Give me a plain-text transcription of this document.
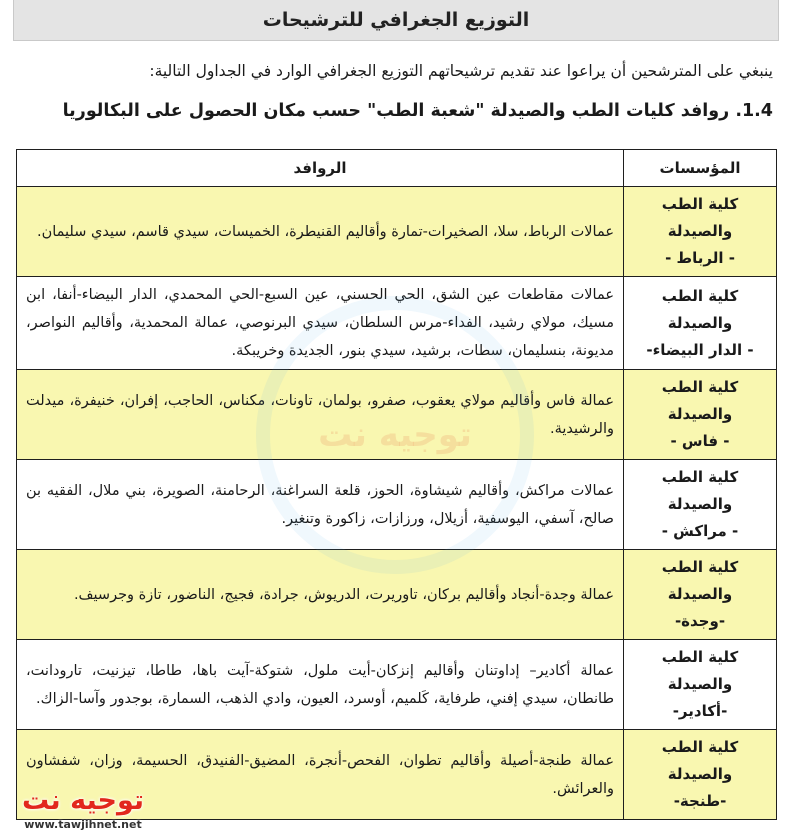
التوزيع الجغرافي للترشيحات
ينبغي على المترشحين أن يراعوا عند تقديم ترشيحاتهم التوزيع الجغرافي الوارد في الجداول التالية:
1.4. روافد كليات الطب والصيدلة "شعبة الطب" حسب مكان الحصول على البكالوريا
المؤسسات	الروافد

كلية الطب والصيدلة
- الرباط -	عمالات الرباط، سلا، الصخيرات-تمارة وأقاليم القنيطرة، الخميسات، سيدي قاسم، سيدي سليمان.

كلية الطب والصيدلة
- الدار البيضاء-	عمالات مقاطعات عين الشق، الحي الحسني، عين السبع-الحي المحمدي، الدار البيضاء-أنفا، ابن مسيك، مولاي رشيد، الفداء-مرس السلطان، سيدي البرنوصي، عمالة المحمدية، وأقاليم النواصر، مديونة، بنسليمان، سطات، برشيد، سيدي بنور، الجديدة وخريبكة.

كلية الطب والصيدلة
- فاس -	عمالة فاس وأقاليم مولاي يعقوب، صفرو، بولمان، تاونات، مكناس، الحاجب، إفران، خنيفرة، ميدلت والرشيدية.

كلية الطب والصيدلة
- مراكش -	عمالات مراكش، وأقاليم شيشاوة، الحوز، قلعة السراغنة، الرحامنة، الصويرة، بني ملال، الفقيه بن صالح، آسفي، اليوسفية، أزيلال، ورزازات، زاكورة وتنغير.

كلية الطب والصيدلة
-وجدة-	عمالة وجدة-أنجاد وأقاليم بركان، تاوريرت، الدريوش، جرادة، فجيج، الناضور، تازة وجرسيف.

كلية الطب والصيدلة
-أكادير-	عمالة أكادير– إداوتنان وأقاليم إنزكان-أيت ملول، شتوكة-آيت باها، طاطا، تيزنيت، تارودانت، طانطان، سيدي إفني، طرفاية، كَلميم، أوسرد، العيون، وادي الذهب، السمارة، بوجدور وآسا-الزاك.

كلية الطب والصيدلة
-طنجة-	عمالة طنجة-أصيلة وأقاليم تطوان، الفحص-أنجرة، المضيق-الفنيدق، الحسيمة، وزان، شفشاون والعرائش.
توجيه نت
www.tawjihnet.net
